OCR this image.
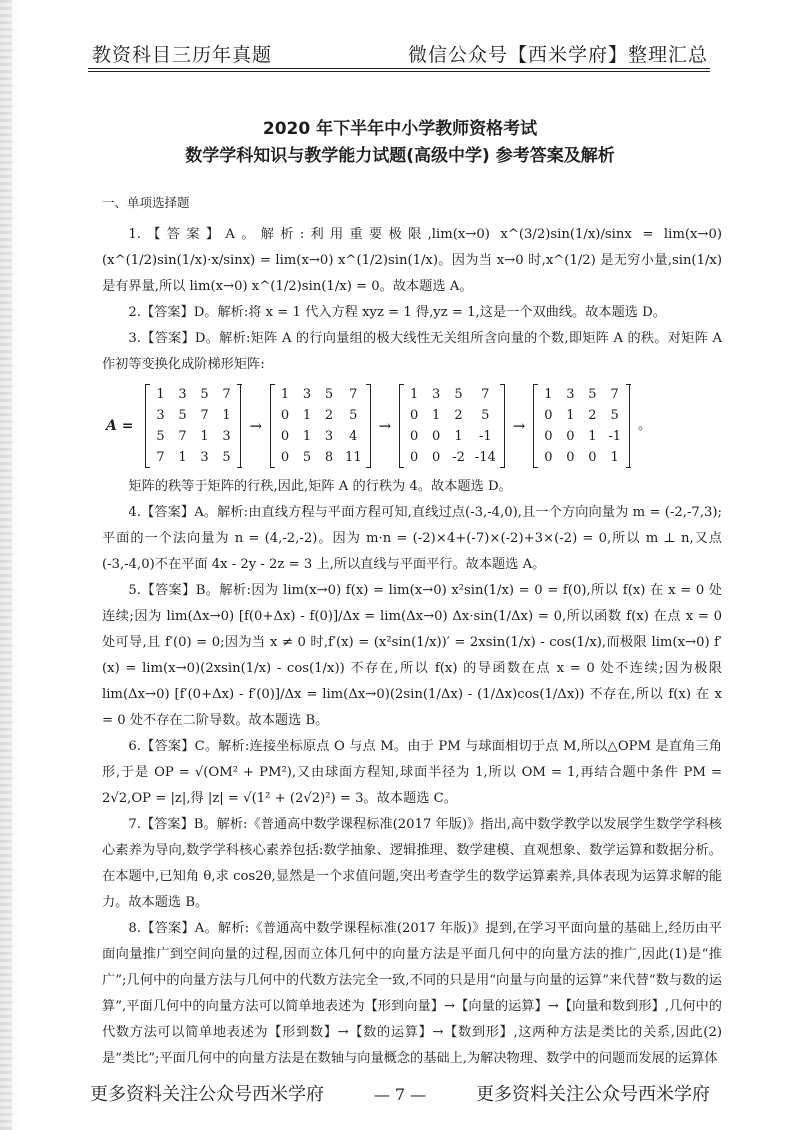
教资科目三历年真题	微信公众号【西米学府】整理汇总
2020 年下半年中小学教师资格考试
数学学科知识与教学能力试题(高级中学) 参考答案及解析
一、单项选择题

1.【答案】A。解析:利用重要极限,lim(x→0) x^(3/2)sin(1/x)/sinx = lim(x→0)(x^(1/2)sin(1/x)·x/sinx) = lim(x→0) x^(1/2)sin(1/x)。因为当 x→0 时,x^(1/2) 是无穷小量,sin(1/x) 是有界量,所以 lim(x→0) x^(1/2)sin(1/x) = 0。故本题选 A。

2.【答案】D。解析:将 x = 1 代入方程 xyz = 1 得,yz = 1,这是一个双曲线。故本题选 D。

3.【答案】D。解析:矩阵 A 的行向量组的极大线性无关组所含向量的个数,即矩阵 A 的秩。对矩阵 A 作初等变换化成阶梯形矩阵:

A =
1	3	5	7
3	5	7	1
5	7	1	3
7	1	3	5
→
1	3	5	7
0	1	2	5
0	1	3	4
0	5	8	11
→
1	3	5	7
0	1	2	5
0	0	1	-1
0	0	-2	-14
→
1	3	5	7
0	1	2	5
0	0	1	-1
0	0	0	1
。

矩阵的秩等于矩阵的行秩,因此,矩阵 A 的行秩为 4。故本题选 D。

4.【答案】A。解析:由直线方程与平面方程可知,直线过点(-3,-4,0),且一个方向向量为 m = (-2,-7,3);平面的一个法向量为 n = (4,-2,-2)。因为 m·n = (-2)×4+(-7)×(-2)+3×(-2) = 0,所以 m ⊥ n,又点(-3,-4,0)不在平面 4x - 2y - 2z = 3 上,所以直线与平面平行。故本题选 A。

5.【答案】B。解析:因为 lim(x→0) f(x) = lim(x→0) x²sin(1/x) = 0 = f(0),所以 f(x) 在 x = 0 处连续;因为 lim(Δx→0) [f(0+Δx) - f(0)]/Δx = lim(Δx→0) Δx·sin(1/Δx) = 0,所以函数 f(x) 在点 x = 0 处可导,且 f′(0) = 0;因为当 x ≠ 0 时,f′(x) = (x²sin(1/x))′ = 2xsin(1/x) - cos(1/x),而极限 lim(x→0) f′(x) = lim(x→0)(2xsin(1/x) - cos(1/x)) 不存在,所以 f(x) 的导函数在点 x = 0 处不连续;因为极限 lim(Δx→0) [f′(0+Δx) - f′(0)]/Δx = lim(Δx→0)(2sin(1/Δx) - (1/Δx)cos(1/Δx)) 不存在,所以 f(x) 在 x = 0 处不存在二阶导数。故本题选 B。

6.【答案】C。解析:连接坐标原点 O 与点 M。由于 PM 与球面相切于点 M,所以△OPM 是直角三角形,于是 OP = √(OM² + PM²),又由球面方程知,球面半径为 1,所以 OM = 1,再结合题中条件 PM = 2√2,OP = |z|,得 |z| = √(1² + (2√2)²) = 3。故本题选 C。

7.【答案】B。解析:《普通高中数学课程标准(2017 年版)》指出,高中数学教学以发展学生数学学科核心素养为导向,数学学科核心素养包括:数学抽象、逻辑推理、数学建模、直观想象、数学运算和数据分析。在本题中,已知角 θ,求 cos2θ,显然是一个求值问题,突出考查学生的数学运算素养,具体表现为运算求解的能力。故本题选 B。

8.【答案】A。解析:《普通高中数学课程标准(2017 年版)》提到,在学习平面向量的基础上,经历由平面向量推广到空间向量的过程,因而立体几何中的向量方法是平面几何中的向量方法的推广,因此(1)是“推广”;几何中的向量方法与几何中的代数方法完全一致,不同的只是用“向量与向量的运算”来代替“数与数的运算”,平面几何中的向量方法可以简单地表述为【形到向量】→【向量的运算】→【向量和数到形】,几何中的代数方法可以简单地表述为【形到数】→【数的运算】→【数到形】,这两种方法是类比的关系,因此(2)是“类比”;平面几何中的向量方法是在数轴与向量概念的基础上,为解决物理、数学中的问题而发展的运算体

更多资料关注公众号西米学府	— 7 —	更多资料关注公众号西米学府
